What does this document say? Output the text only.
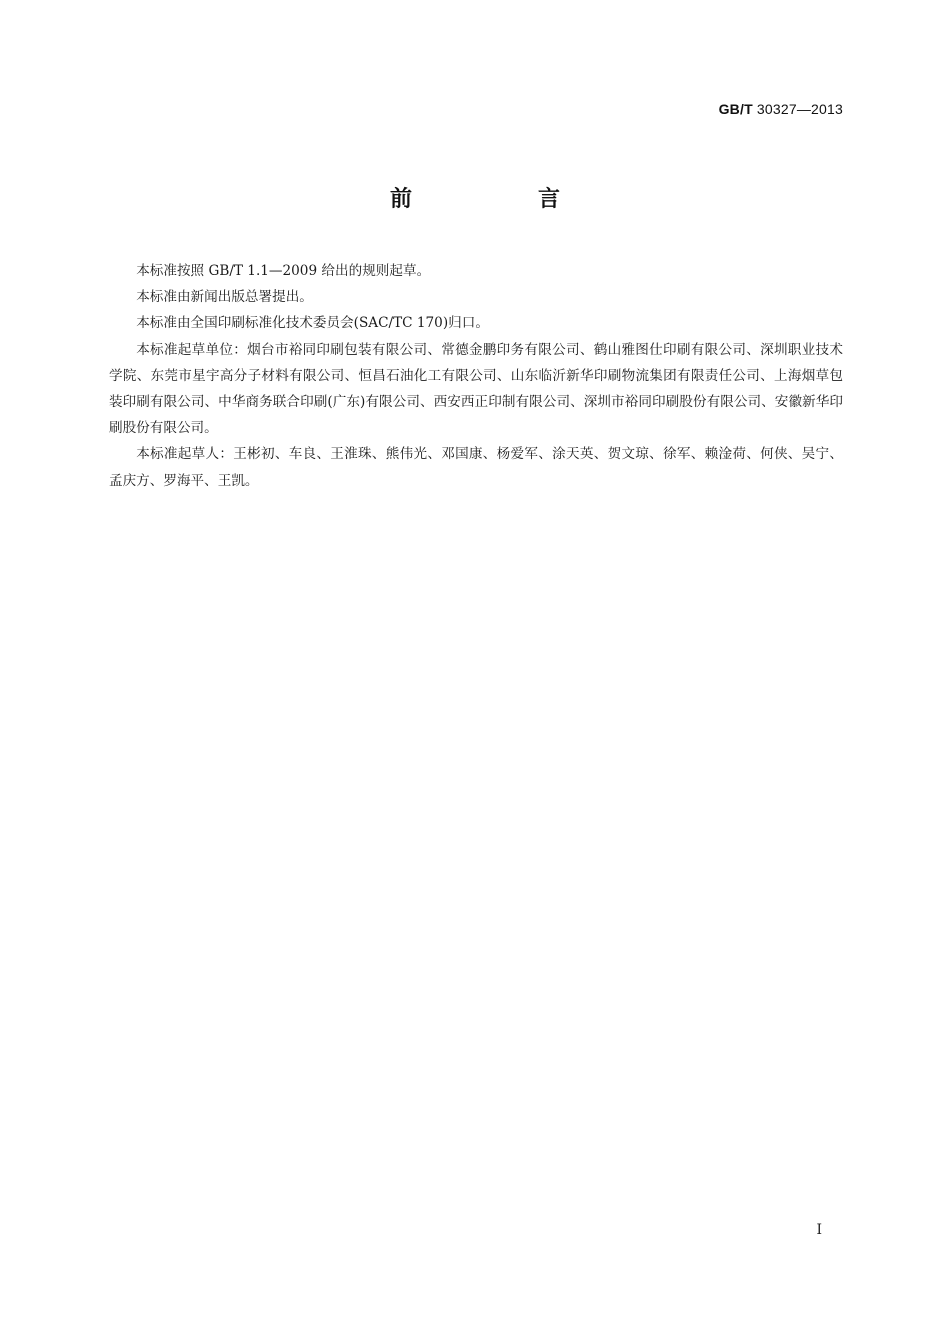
GB/T 30327—2013
前　言

本标准按照 GB/T 1.1—2009 给出的规则起草。

本标准由新闻出版总署提出。

本标准由全国印刷标准化技术委员会(SAC/TC 170)归口。

本标准起草单位：烟台市裕同印刷包装有限公司、常德金鹏印务有限公司、鹤山雅图仕印刷有限公司、深圳职业技术学院、东莞市星宇高分子材料有限公司、恒昌石油化工有限公司、山东临沂新华印刷物流集团有限责任公司、上海烟草包装印刷有限公司、中华商务联合印刷(广东)有限公司、西安西正印制有限公司、深圳市裕同印刷股份有限公司、安徽新华印刷股份有限公司。

本标准起草人：王彬初、车良、王淮珠、熊伟光、邓国康、杨爱军、涂天英、贺文琼、徐军、赖淦荷、何侠、吴宁、孟庆方、罗海平、王凯。

I
